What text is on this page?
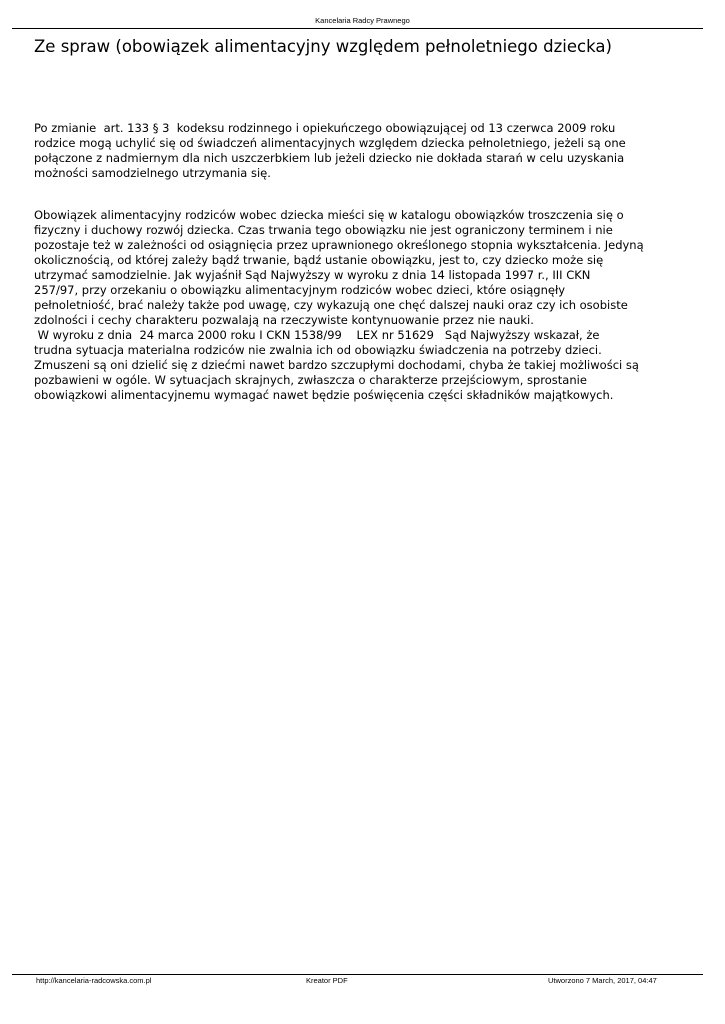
Kancelaria Radcy Prawnego
Ze spraw (obowiązek alimentacyjny względem pełnoletniego dziecka)
Po zmianie  art. 133 § 3  kodeksu rodzinnego i opiekuńczego obowiązującej od 13 czerwca 2009 roku
rodzice mogą uchylić się od świadczeń alimentacyjnych względem dziecka pełnoletniego, jeżeli są one
połączone z nadmiernym dla nich uszczerbkiem lub jeżeli dziecko nie dokłada starań w celu uzyskania
możności samodzielnego utrzymania się.
Obowiązek alimentacyjny rodziców wobec dziecka mieści się w katalogu obowiązków troszczenia się o
fizyczny i duchowy rozwój dziecka. Czas trwania tego obowiązku nie jest ograniczony terminem i nie
pozostaje też w zależności od osiągnięcia przez uprawnionego określonego stopnia wykształcenia. Jedyną
okolicznością, od której zależy bądź trwanie, bądź ustanie obowiązku, jest to, czy dziecko może się
utrzymać samodzielnie. Jak wyjaśnił Sąd Najwyższy w wyroku z dnia 14 listopada 1997 r., III CKN
257/97, przy orzekaniu o obowiązku alimentacyjnym rodziców wobec dzieci, które osiągnęły
pełnoletniość, brać należy także pod uwagę, czy wykazują one chęć dalszej nauki oraz czy ich osobiste
zdolności i cechy charakteru pozwalają na rzeczywiste kontynuowanie przez nie nauki.
W wyroku z dnia  24 marca 2000 roku I CKN 1538/99    LEX nr 51629   Sąd Najwyższy wskazał, że
trudna sytuacja materialna rodziców nie zwalnia ich od obowiązku świadczenia na potrzeby dzieci.
Zmuszeni są oni dzielić się z dziećmi nawet bardzo szczupłymi dochodami, chyba że takiej możliwości są
pozbawieni w ogóle. W sytuacjach skrajnych, zwłaszcza o charakterze przejściowym, sprostanie
obowiązkowi alimentacyjnemu wymagać nawet będzie poświęcenia części składników majątkowych.
http://kancelaria-radcowska.com.pl	Kreator PDF	Utworzono 7 March, 2017, 04:47
